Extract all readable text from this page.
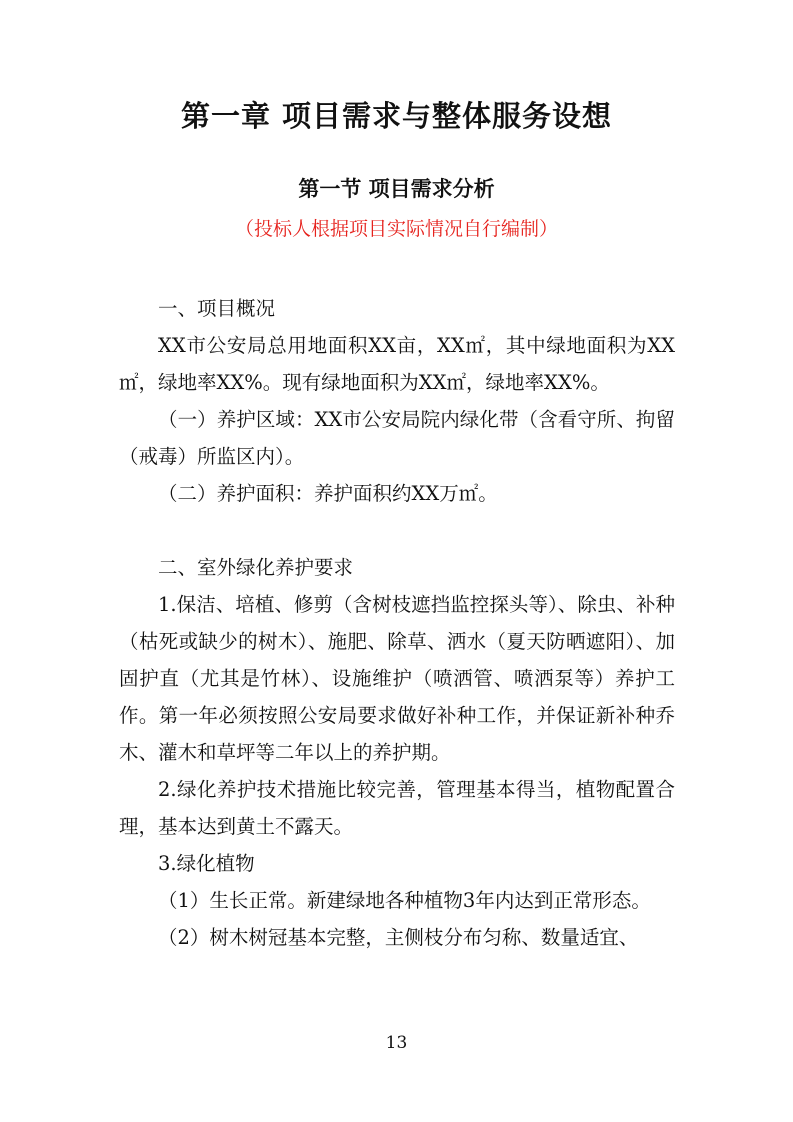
第一章 项目需求与整体服务设想
第一节 项目需求分析
（投标人根据项目实际情况自行编制）

一、项目概况

XX市公安局总用地面积XX亩，XX㎡，其中绿地面积为XX㎡，绿地率XX%。现有绿地面积为XX㎡，绿地率XX%。

（一）养护区域：XX市公安局院内绿化带（含看守所、拘留（戒毒）所监区内）。

（二）养护面积：养护面积约XX万㎡。

二、室外绿化养护要求

1.保洁、培植、修剪（含树枝遮挡监控探头等）、除虫、补种（枯死或缺少的树木）、施肥、除草、洒水（夏天防晒遮阳）、加固护直（尤其是竹林）、设施维护（喷洒管、喷洒泵等）养护工作。第一年必须按照公安局要求做好补种工作，并保证新补种乔木、灌木和草坪等二年以上的养护期。

2.绿化养护技术措施比较完善，管理基本得当，植物配置合理，基本达到黄土不露天。

3.绿化植物

（1）生长正常。新建绿地各种植物3年内达到正常形态。

（2）树木树冠基本完整，主侧枝分布匀称、数量适宜、

13
